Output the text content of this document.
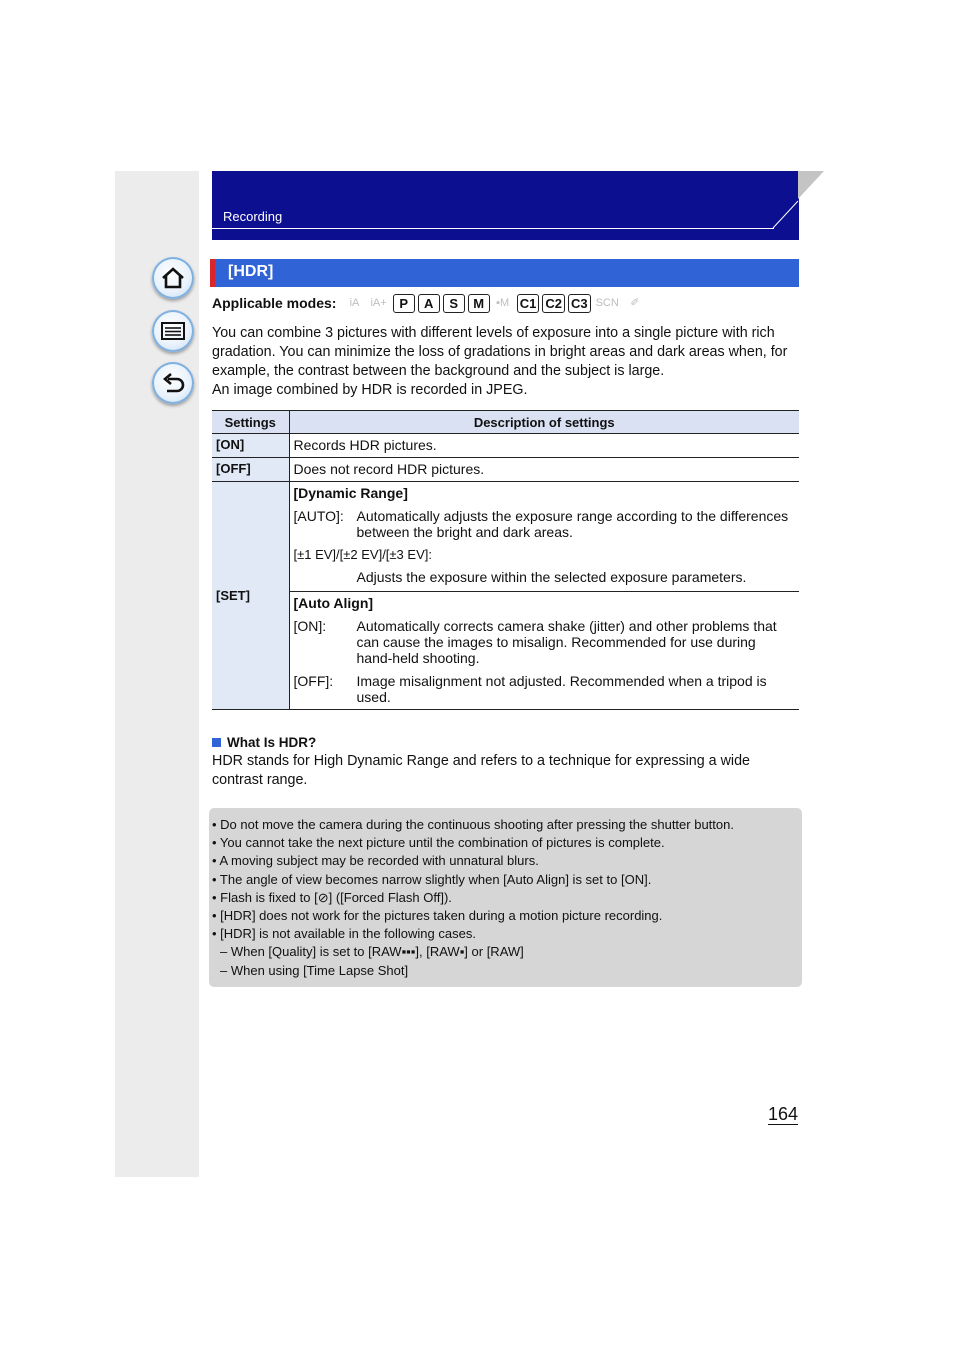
Recording
[HDR]
Applicable modes:	iA	iA+ P	A	S	M	▪M C1 C2 C3 SCN	✐

You can combine 3 pictures with different levels of exposure into a single picture with rich gradation. You can minimize the loss of gradations in bright areas and dark areas when, for example, the contrast between the background and the subject is large.

An image combined by HDR is recorded in JPEG.

Settings	Description of settings
[ON]	Records HDR pictures.
[OFF]	Does not record HDR pictures.
[SET]	[Dynamic Range]
[AUTO]: Automatically adjusts the exposure range according to the differences between the bright and dark areas.
[±1 EV]/[±2 EV]/[±3 EV]:
Adjusts the exposure within the selected exposure parameters.

	[Auto Align]
[ON]: Automatically corrects camera shake (jitter) and other problems that can cause the images to misalign. Recommended for use during hand-held shooting.
[OFF]: Image misalignment not adjusted. Recommended when a tripod is used.
What Is HDR?
HDR stands for High Dynamic Range and refers to a technique for expressing a wide contrast range.
• Do not move the camera during the continuous shooting after pressing the shutter button.
• You cannot take the next picture until the combination of pictures is complete.
• A moving subject may be recorded with unnatural blurs.
• The angle of view becomes narrow slightly when [Auto Align] is set to [ON].
• Flash is fixed to [⊘] ([Forced Flash Off]).
• [HDR] does not work for the pictures taken during a motion picture recording.
• [HDR] is not available in the following cases.
– When [Quality] is set to [RAW▪▪▪], [RAW▪] or [RAW]
– When using [Time Lapse Shot]
164
